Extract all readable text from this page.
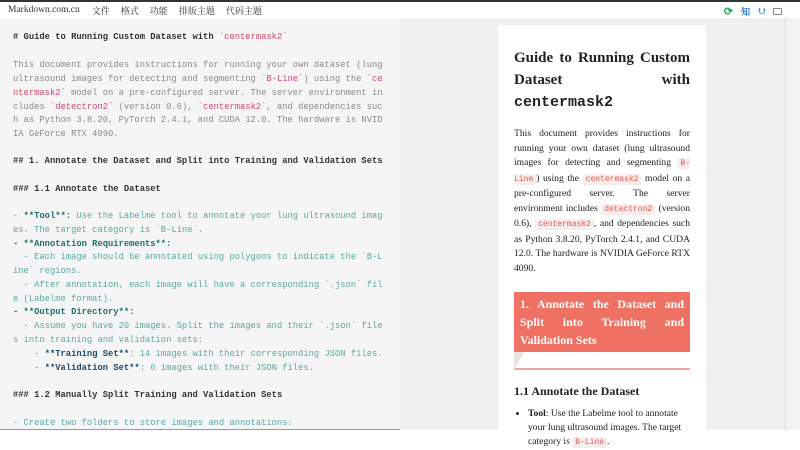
Markdown.com.cn 文件 格式 功能 排版主题 代码主题	⟳ 知 ⮋
# Guide to Running Custom Dataset with `centermask2`
This document provides instructions for running your own dataset (lung
ultrasound images for detecting and segmenting `B-Line`) using the `ce
ntermask2` model on a pre-configured server. The server environment in
cludes `detectron2` (version 0.6), `centermask2`, and dependencies suc
h as Python 3.8.20, PyTorch 2.4.1, and CUDA 12.0. The hardware is NVID
IA GeForce RTX 4090.
## 1. Annotate the Dataset and Split into Training and Validation Sets
### 1.1 Annotate the Dataset
- **Tool**: Use the Labelme tool to annotate your lung ultrasound imag
es. The target category is `B-Line`.
- **Annotation Requirements**:
- Each image should be annotated using polygons to indicate the `B-L
ine` regions.
- After annotation, each image will have a corresponding `.json` fil
e (Labelme format).
- **Output Directory**:
- Assume you have 20 images. Split the images and their `.json` file
s into training and validation sets:
- **Training Set**: 14 images with their corresponding JSON files.
- **Validation Set**: 6 images with their JSON files.
### 1.2 Manually Split Training and Validation Sets
- Create two folders to store images and annotations:
Guide to Running Custom Dataset with centermask2

This document provides instructions for running your own dataset (lung ultrasound images for detecting and segmenting B-Line ) using the centermask2 model on a pre-configured server. The server environment includes detectron2 (version 0.6), centermask2 , and dependencies such as Python 3.8.20, PyTorch 2.4.1, and CUDA 12.0. The hardware is NVIDIA GeForce RTX 4090.

1. Annotate the Dataset and Split into Training and Validation Sets
1.1 Annotate the Dataset
• Tool: Use the Labelme tool to annotate your lung ultrasound images. The target category is B-Line .
